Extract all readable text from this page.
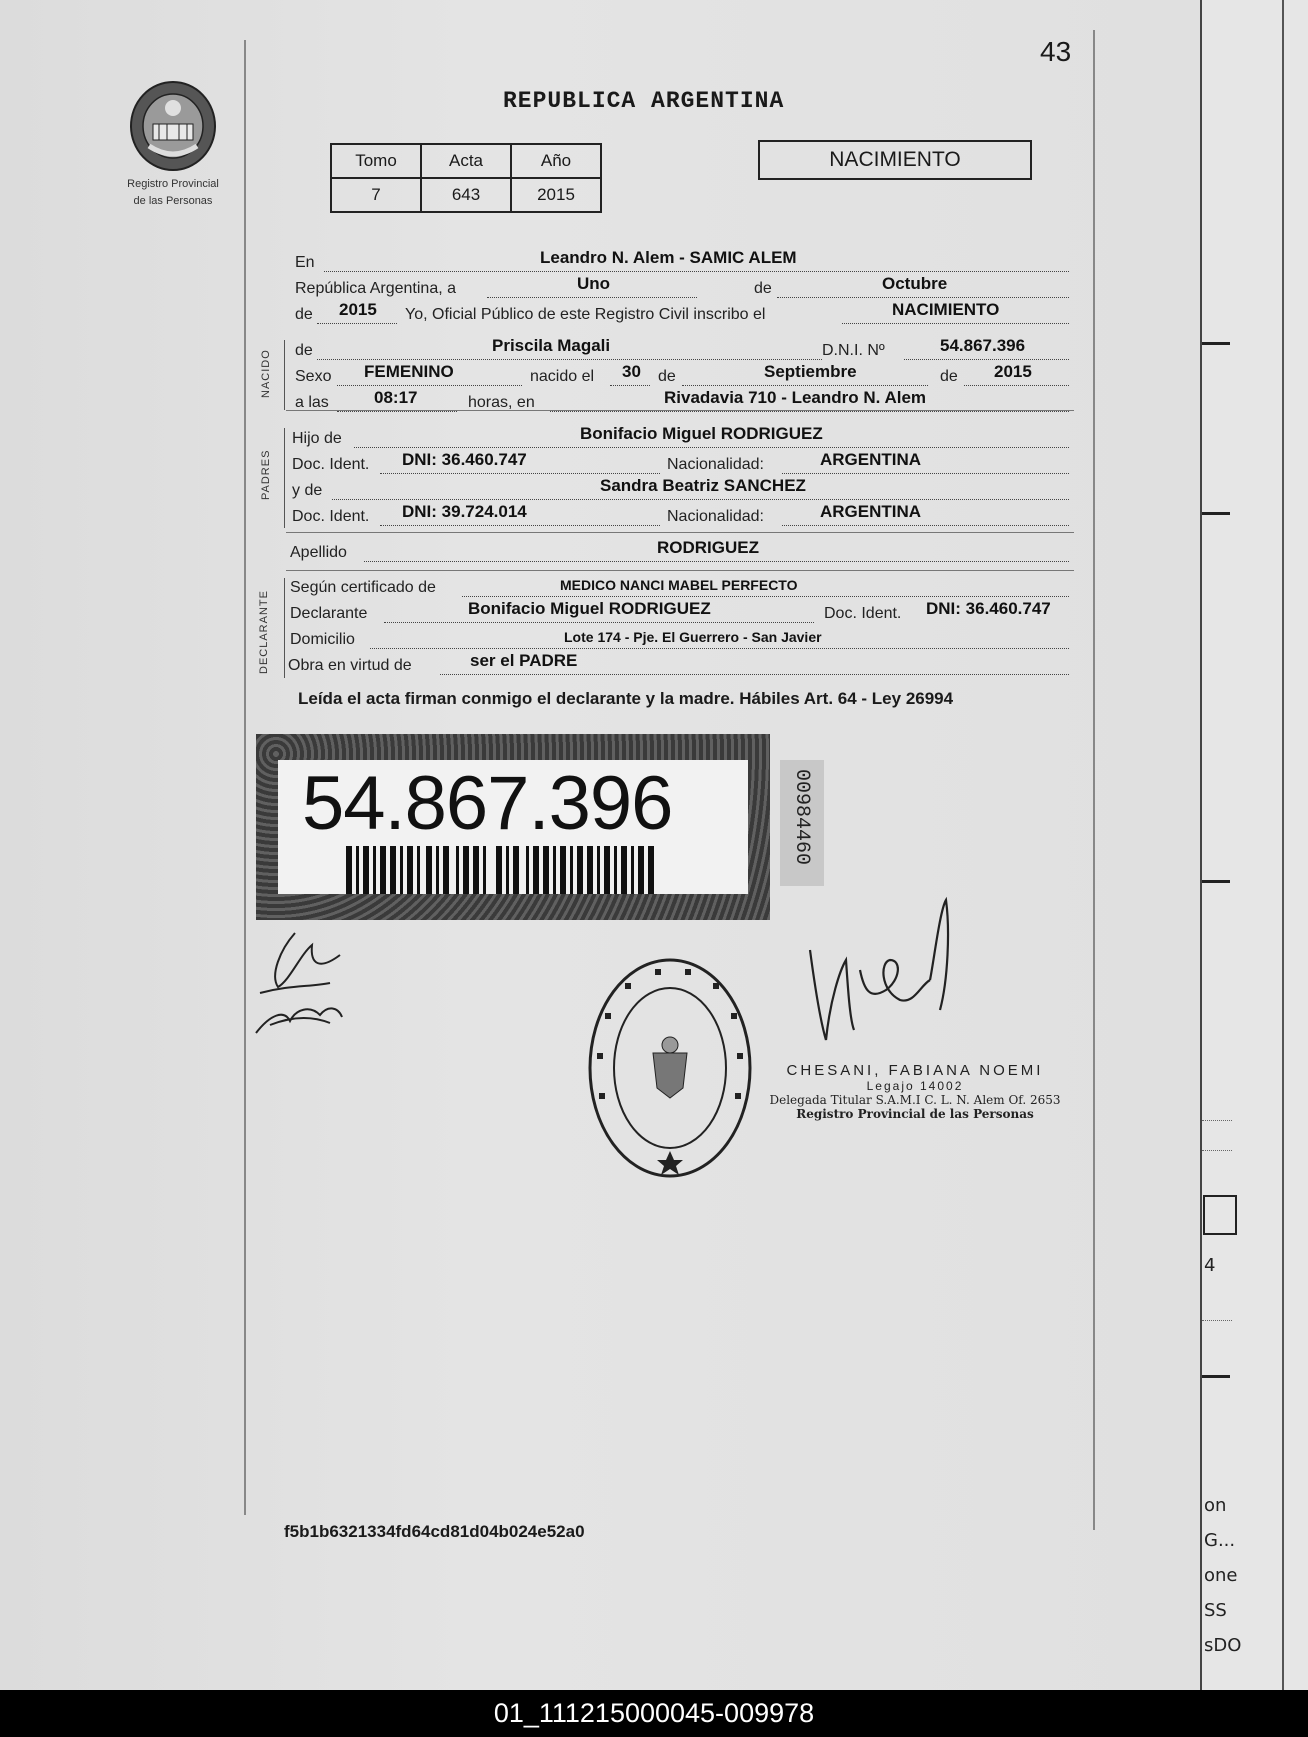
4
on
G...
one
SS
sDO
43
Registro Provincial
de las Personas
REPUBLICA ARGENTINA
Tomo	Acta	Año
7	643	2015
NACIMIENTO
NACIDO
PADRES
DECLARANTE
En	Leandro N. Alem - SAMIC ALEM
República Argentina, a	Uno	de	Octubre
de 2015 Yo, Oficial Público de este Registro Civil inscribo el	NACIMIENTO
de	Priscila Magali	D.N.I. Nº	54.867.396
Sexo FEMENINO	nacido el 30 de	Septiembre	de 2015
a las	08:17	horas, en	Rivadavia 710 - Leandro N. Alem
Hijo de	Bonifacio Miguel RODRIGUEZ
Doc. Ident. DNI: 36.460.747	Nacionalidad:	ARGENTINA
y de	Sandra Beatriz SANCHEZ
Doc. Ident. DNI: 39.724.014	Nacionalidad:	ARGENTINA
Apellido	RODRIGUEZ
Según certificado de	MEDICO NANCI MABEL PERFECTO
Declarante	Bonifacio Miguel RODRIGUEZ	Doc. Ident. DNI: 36.460.747
Domicilio	Lote 174 - Pje. El Guerrero - San Javier
Obra en virtud de	ser el PADRE
Leída el acta firman conmigo el declarante y la madre. Hábiles Art. 64 - Ley 26994
54.867.396	00984460
CHESANI, FABIANA NOEMI
Legajo 14002
Delegada Titular S.A.M.I C. L. N. Alem Of. 2653
Registro Provincial de las Personas
f5b1b6321334fd64cd81d04b024e52a0
01_111215000045-009978
